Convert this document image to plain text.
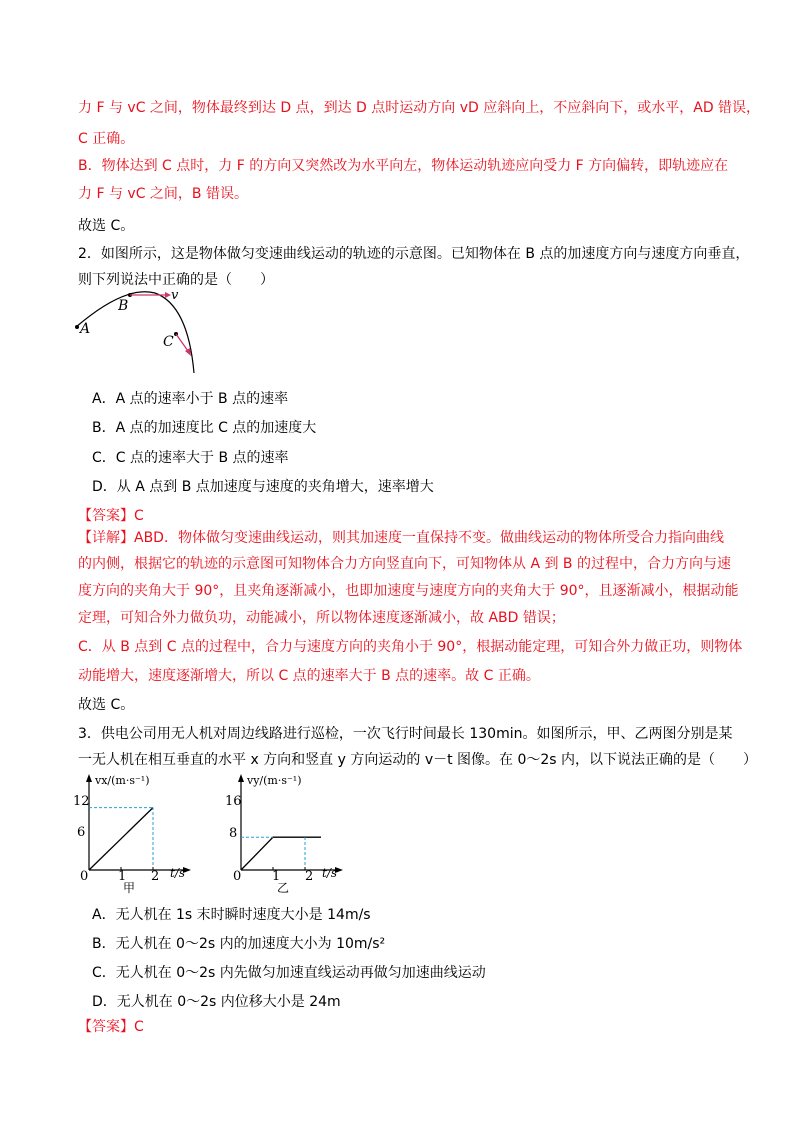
力 F 与 vC 之间，物体最终到达 D 点，到达 D 点时运动方向 vD 应斜向上，不应斜向下，或水平，AD 错误，
C 正确。
B．物体达到 C 点时，力 F 的方向又突然改为水平向左，物体运动轨迹应向受力 F 方向偏转，即轨迹应在
力 F 与 vC 之间，B 错误。
故选 C。
2．如图所示，这是物体做匀变速曲线运动的轨迹的示意图。已知物体在 B 点的加速度方向与速度方向垂直，
则下列说法中正确的是（　　）
A
B
C
v
A．A 点的速率小于 B 点的速率
B．A 点的加速度比 C 点的加速度大
C．C 点的速率大于 B 点的速率
D．从 A 点到 B 点加速度与速度的夹角增大，速率增大
【答案】C
【详解】ABD．物体做匀变速曲线运动，则其加速度一直保持不变。做曲线运动的物体所受合力指向曲线
的内侧，根据它的轨迹的示意图可知物体合力方向竖直向下，可知物体从 A 到 B 的过程中，合力方向与速
度方向的夹角大于 90°，且夹角逐渐减小，也即加速度与速度方向的夹角大于 90°，且逐渐减小，根据动能
定理，可知合外力做负功，动能减小，所以物体速度逐渐减小，故 ABD 错误；
C．从 B 点到 C 点的过程中，合力与速度方向的夹角小于 90°，根据动能定理，可知合外力做正功，则物体
动能增大，速度逐渐增大，所以 C 点的速率大于 B 点的速率。故 C 正确。
故选 C。
3．供电公司用无人机对周边线路进行巡检，一次飞行时间最长 130min。如图所示，甲、乙两图分别是某
一无人机在相互垂直的水平 x 方向和竖直 y 方向运动的 v－t 图像。在 0～2s 内，以下说法正确的是（　　）
vx/(m·s⁻¹)
t/s
甲
12
6
0 1 2
vy/(m·s⁻¹)
t/s
乙
16
8
0 1 2
A．无人机在 1s 末时瞬时速度大小是 14m/s
B．无人机在 0～2s 内的加速度大小为 10m/s²
C．无人机在 0～2s 内先做匀加速直线运动再做匀加速曲线运动
D．无人机在 0～2s 内位移大小是 24m
【答案】C
